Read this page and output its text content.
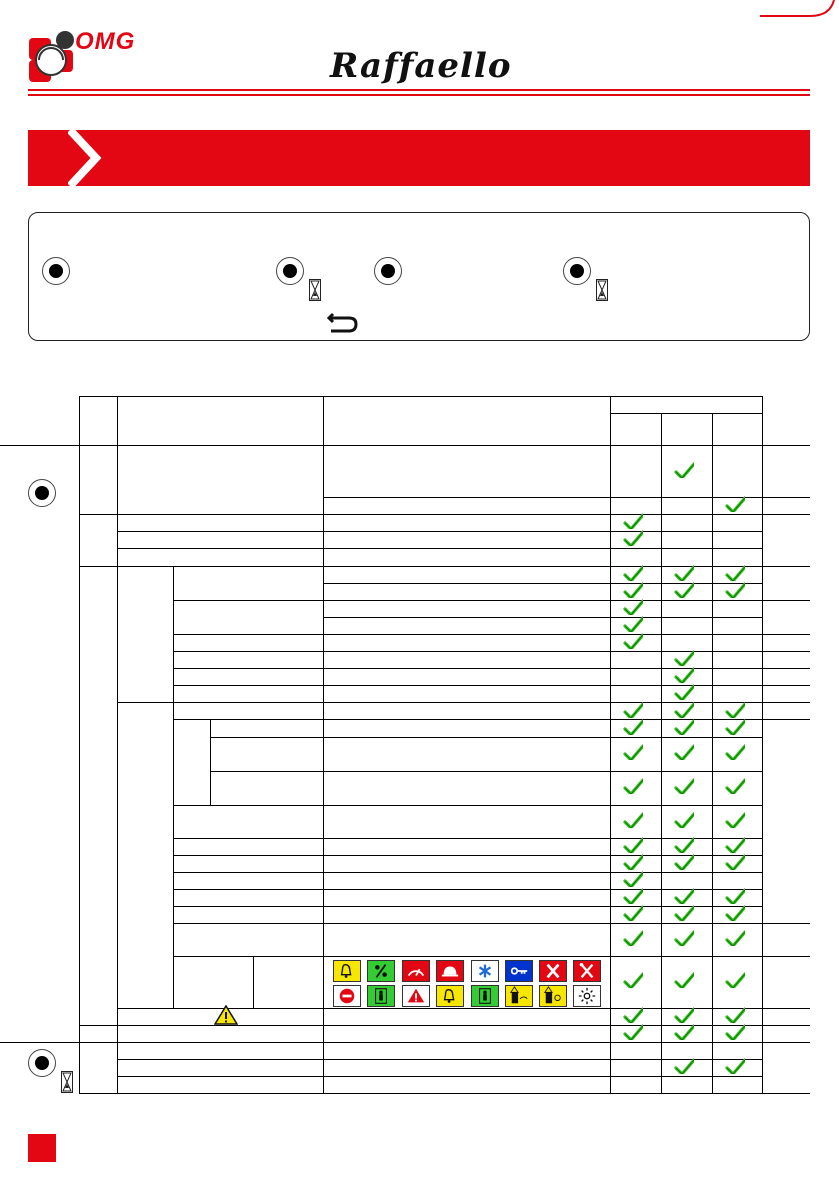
OMG
Raffaello
